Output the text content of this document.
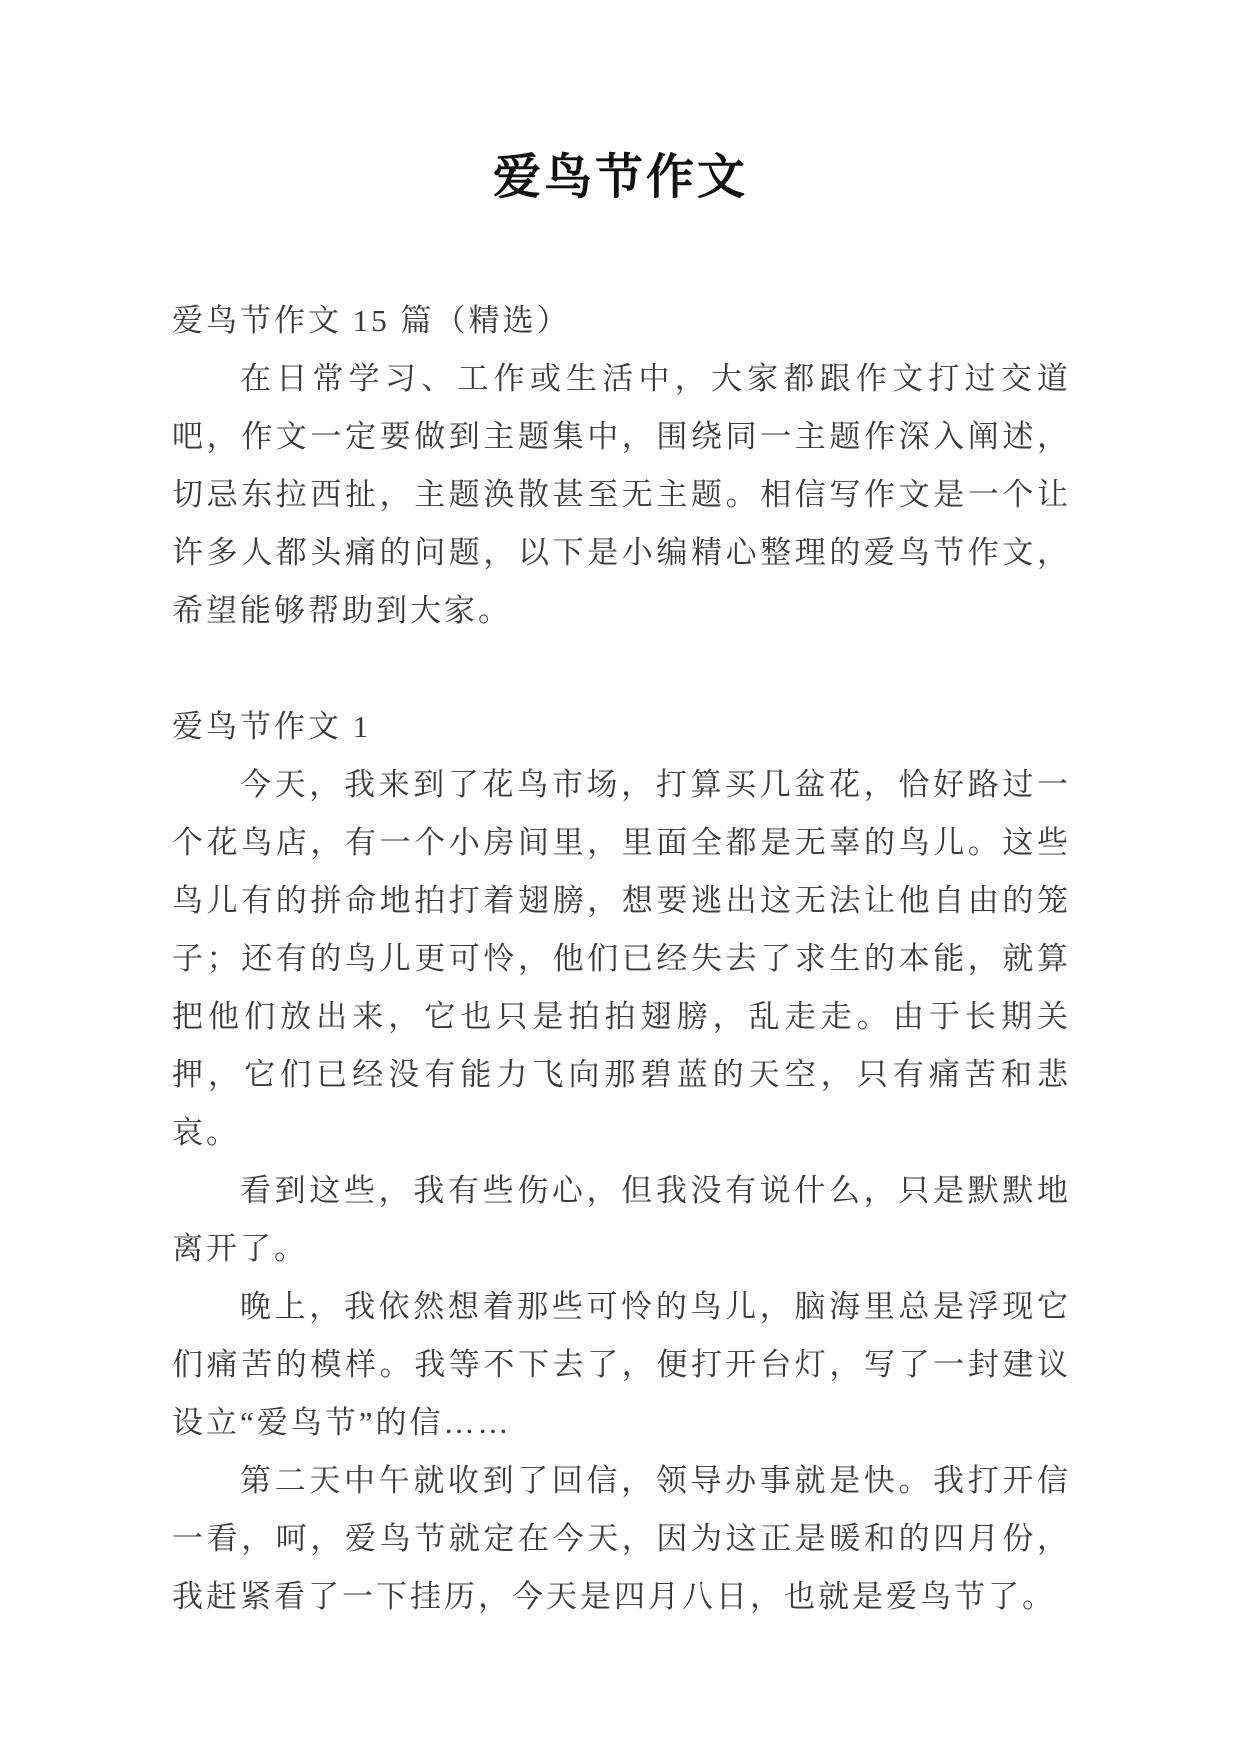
爱鸟节作文

爱鸟节作文 15 篇（精选）

在日常学习、工作或生活中，大家都跟作文打过交道吧，作文一定要做到主题集中，围绕同一主题作深入阐述，切忌东拉西扯，主题涣散甚至无主题。相信写作文是一个让许多人都头痛的问题，以下是小编精心整理的爱鸟节作文，希望能够帮助到大家。

爱鸟节作文 1

今天，我来到了花鸟市场，打算买几盆花，恰好路过一个花鸟店，有一个小房间里，里面全都是无辜的鸟儿。这些鸟儿有的拼命地拍打着翅膀，想要逃出这无法让他自由的笼子；还有的鸟儿更可怜，他们已经失去了求生的本能，就算把他们放出来，它也只是拍拍翅膀，乱走走。由于长期关押，它们已经没有能力飞向那碧蓝的天空，只有痛苦和悲哀。

看到这些，我有些伤心，但我没有说什么，只是默默地离开了。

晚上，我依然想着那些可怜的鸟儿，脑海里总是浮现它们痛苦的模样。我等不下去了，便打开台灯，写了一封建议设立“爱鸟节”的信……

第二天中午就收到了回信，领导办事就是快。我打开信一看，呵，爱鸟节就定在今天，因为这正是暖和的四月份，我赶紧看了一下挂历，今天是四月八日，也就是爱鸟节了。
